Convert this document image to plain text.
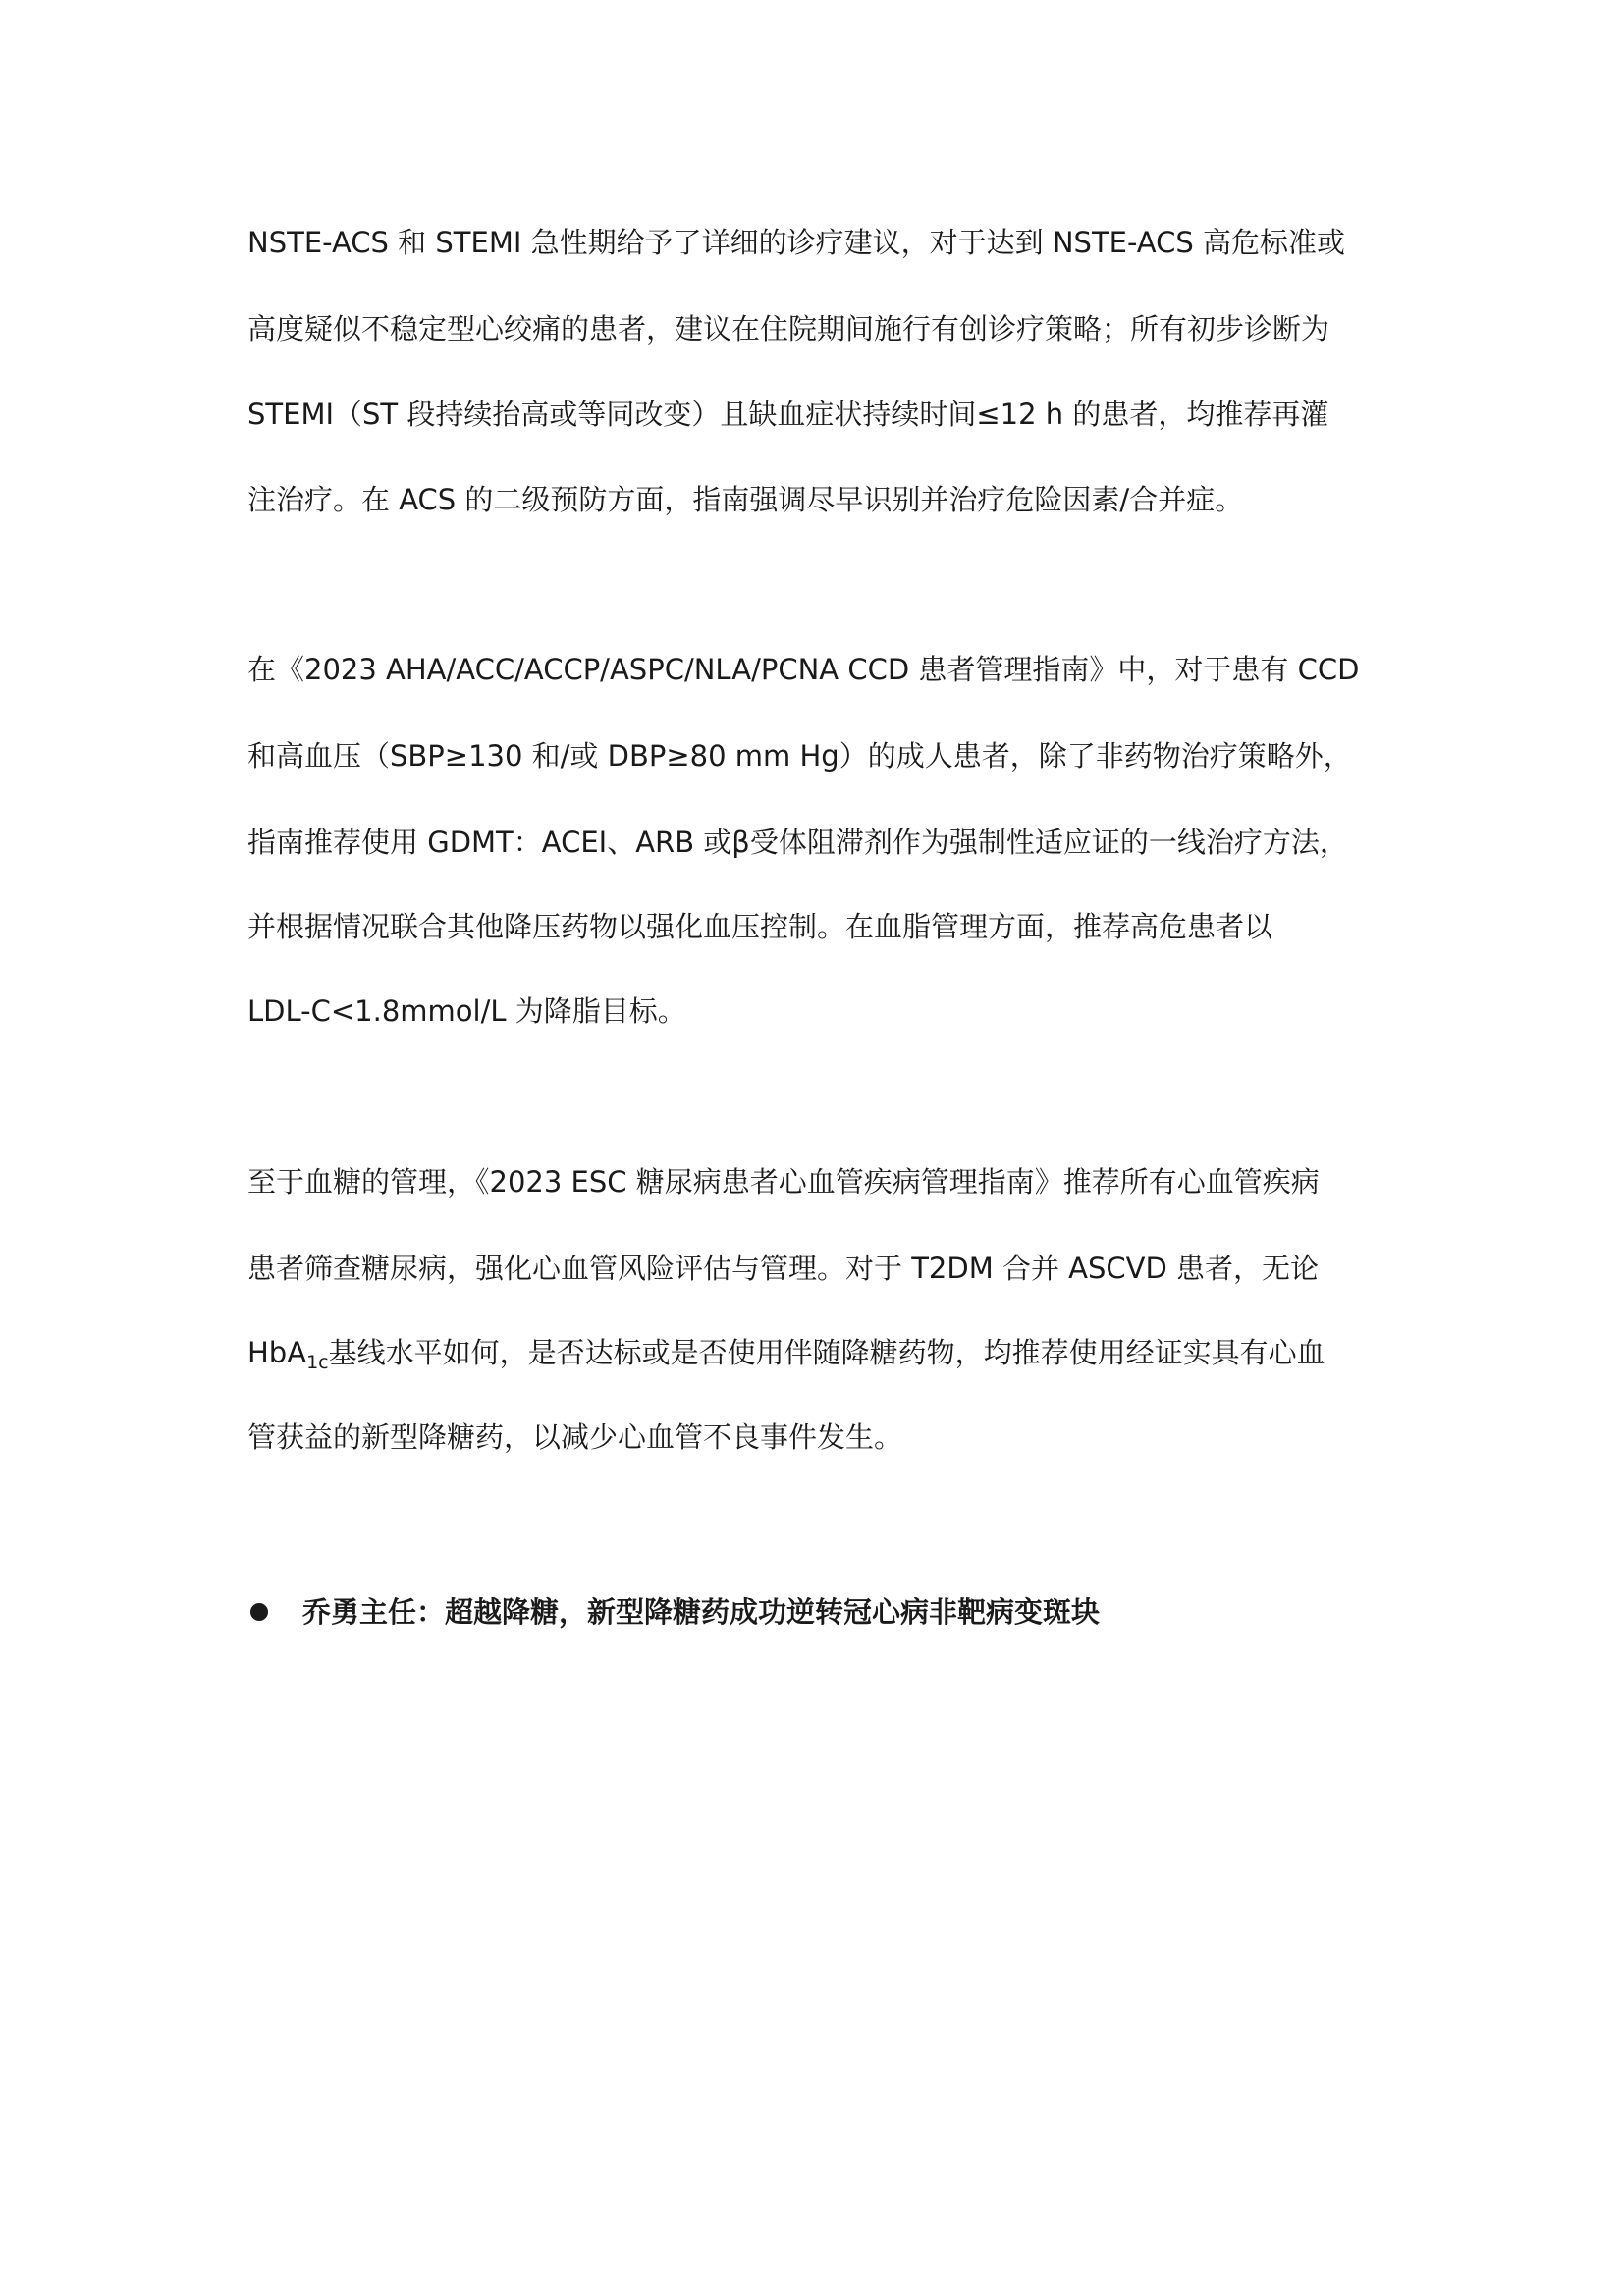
NSTE-ACS 和 STEMI 急性期给予了详细的诊疗建议，对于达到 NSTE-ACS 高危标准或
高度疑似不稳定型心绞痛的患者，建议在住院期间施行有创诊疗策略；所有初步诊断为
STEMI（ST 段持续抬高或等同改变）且缺血症状持续时间≤12 h 的患者，均推荐再灌
注治疗。在 ACS 的二级预防方面，指南强调尽早识别并治疗危险因素/合并症。
在《2023 AHA/ACC/ACCP/ASPC/NLA/PCNA CCD 患者管理指南》中，对于患有 CCD
和高血压（SBP≥130 和/或 DBP≥80 mm Hg）的成人患者，除了非药物治疗策略外，
指南推荐使用 GDMT：ACEI、ARB 或β受体阻滞剂作为强制性适应证的一线治疗方法，
并根据情况联合其他降压药物以强化血压控制。在血脂管理方面，推荐高危患者以
LDL-C<1.8mmol/L 为降脂目标。
至于血糖的管理，《2023 ESC 糖尿病患者心血管疾病管理指南》推荐所有心血管疾病
患者筛查糖尿病，强化心血管风险评估与管理。对于 T2DM 合并 ASCVD 患者，无论
HbA$_{1c}$基线水平如何，是否达标或是否使用伴随降糖药物，均推荐使用经证实具有心血
管获益的新型降糖药，以减少心血管不良事件发生。
乔勇主任：超越降糖，新型降糖药成功逆转冠心病非靶病变斑块
